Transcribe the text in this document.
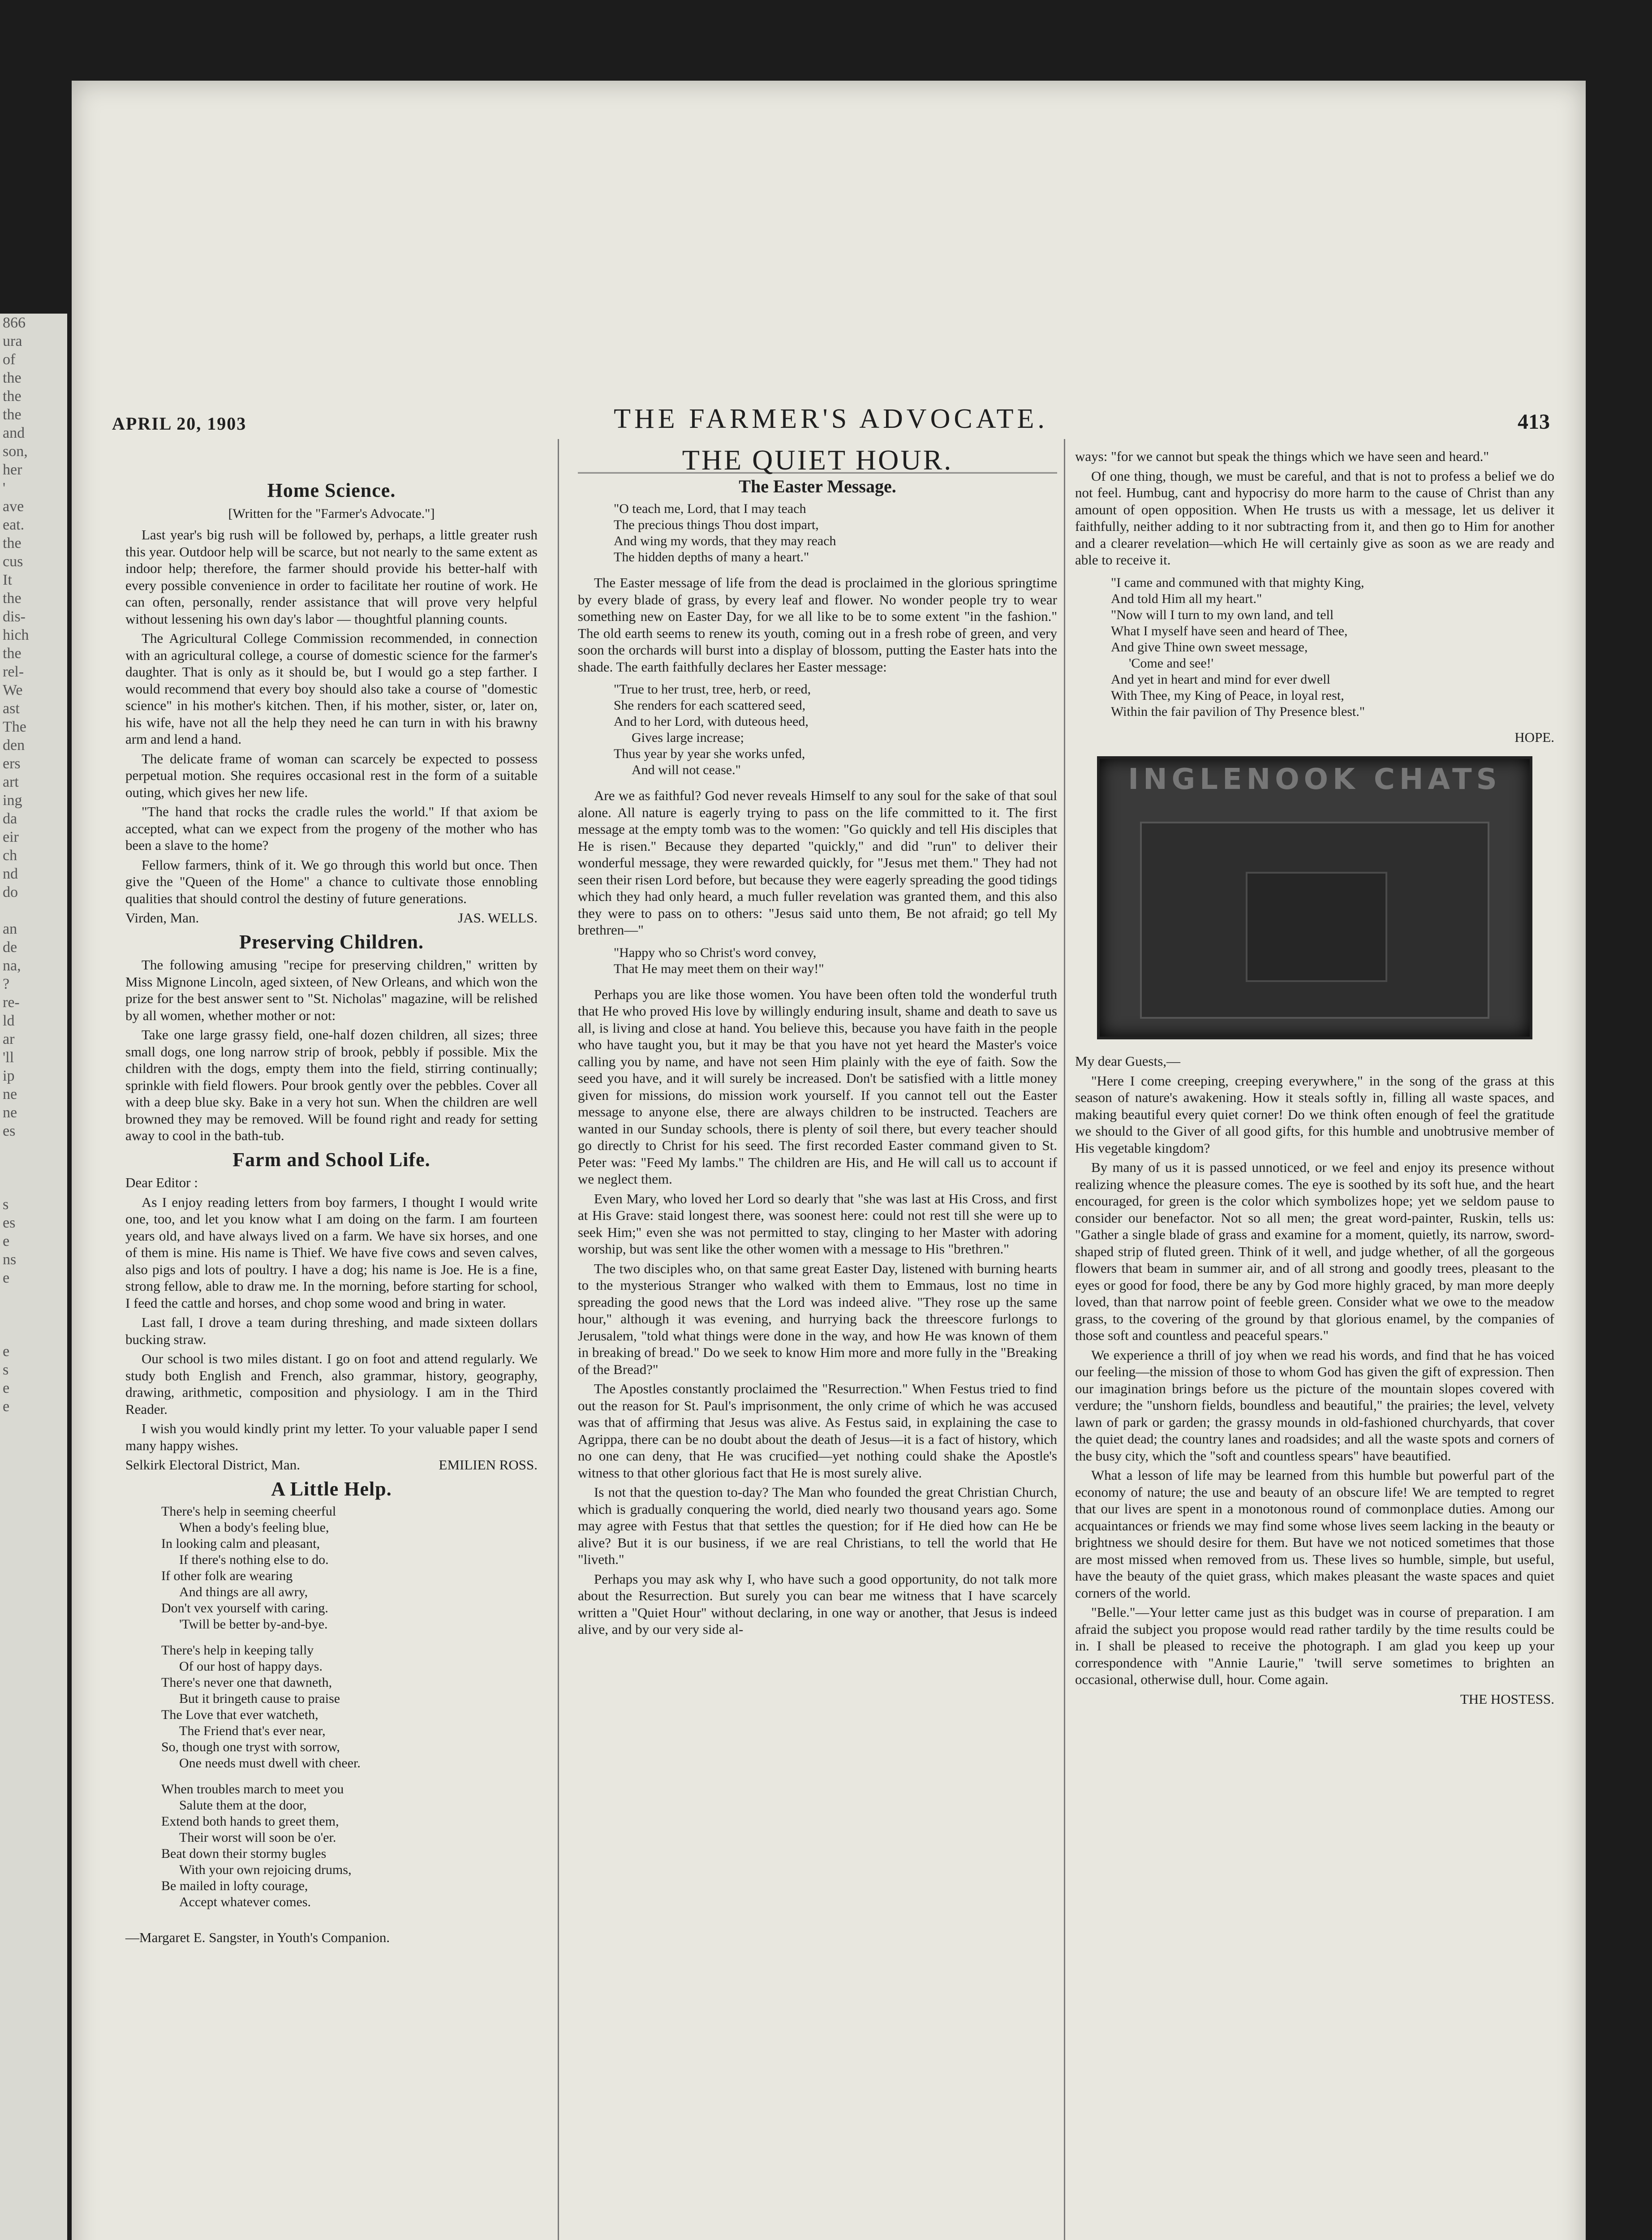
866
ura
of
the
the
the
and
son,
her
'
ave
eat.
the
cus
It
the
dis-
hich
the
rel-
We
ast
The
den
ers
art
ing
da
eir
ch
nd
do

an
de
na,
?
re-
ld
ar
'll
ip
ne
ne
es

s
es
e
ns
e

e
s
e
e
APRIL 20, 1903	THE FARMER'S ADVOCATE.	413
Home Science.
[Written for the "Farmer's Advocate."]

Last year's big rush will be followed by, perhaps, a little greater rush this year. Outdoor help will be scarce, but not nearly to the same extent as indoor help; therefore, the farmer should provide his better-half with every possible convenience in order to facilitate her routine of work. He can often, personally, render assistance that will prove very helpful without lessening his own day's labor — thoughtful planning counts.

The Agricultural College Commission recommended, in connection with an agricultural college, a course of domestic science for the farmer's daughter. That is only as it should be, but I would go a step farther. I would recommend that every boy should also take a course of "domestic science" in his mother's kitchen. Then, if his mother, sister, or, later on, his wife, have not all the help they need he can turn in with his brawny arm and lend a hand.

The delicate frame of woman can scarcely be expected to possess perpetual motion. She requires occasional rest in the form of a suitable outing, which gives her new life.

"The hand that rocks the cradle rules the world." If that axiom be accepted, what can we expect from the progeny of the mother who has been a slave to the home?

Fellow farmers, think of it. We go through this world but once. Then give the "Queen of the Home" a chance to cultivate those ennobling qualities that should control the destiny of future generations.

Virden, Man.	JAS. WELLS.

Preserving Children.

The following amusing "recipe for preserving children," written by Miss Mignone Lincoln, aged sixteen, of New Orleans, and which won the prize for the best answer sent to "St. Nicholas" magazine, will be relished by all women, whether mother or not:

Take one large grassy field, one-half dozen children, all sizes; three small dogs, one long narrow strip of brook, pebbly if possible. Mix the children with the dogs, empty them into the field, stirring continually; sprinkle with field flowers. Pour brook gently over the pebbles. Cover all with a deep blue sky. Bake in a very hot sun. When the children are well browned they may be removed. Will be found right and ready for setting away to cool in the bath-tub.

Farm and School Life.

Dear Editor :

As I enjoy reading letters from boy farmers, I thought I would write one, too, and let you know what I am doing on the farm. I am fourteen years old, and have always lived on a farm. We have six horses, and one of them is mine. His name is Thief. We have five cows and seven calves, also pigs and lots of poultry. I have a dog; his name is Joe. He is a fine, strong fellow, able to draw me. In the morning, before starting for school, I feed the cattle and horses, and chop some wood and bring in water.

Last fall, I drove a team during threshing, and made sixteen dollars bucking straw.

Our school is two miles distant. I go on foot and attend regularly. We study both English and French, also grammar, history, geography, drawing, arithmetic, composition and physiology. I am in the Third Reader.

I wish you would kindly print my letter. To your valuable paper I send many happy wishes.

Selkirk Electoral District, Man.	EMILIEN ROSS.

A Little Help.
There's help in seeming cheerful
When a body's feeling blue,
In looking calm and pleasant,
If there's nothing else to do.
If other folk are wearing
And things are all awry,
Don't vex yourself with caring.
'Twill be better by-and-bye.
There's help in keeping tally
Of our host of happy days.
There's never one that dawneth,
But it bringeth cause to praise
The Love that ever watcheth,
The Friend that's ever near,
So, though one tryst with sorrow,
One needs must dwell with cheer.
When troubles march to meet you
Salute them at the door,
Extend both hands to greet them,
Their worst will soon be o'er.
Beat down their stormy bugles
With your own rejoicing drums,
Be mailed in lofty courage,
Accept whatever comes.

—Margaret E. Sangster, in Youth's Companion.

THE QUIET HOUR.
The Easter Message.
"O teach me, Lord, that I may teach
The precious things Thou dost impart,
And wing my words, that they may reach
The hidden depths of many a heart."

The Easter message of life from the dead is proclaimed in the glorious springtime by every blade of grass, by every leaf and flower. No wonder people try to wear something new on Easter Day, for we all like to be to some extent "in the fashion." The old earth seems to renew its youth, coming out in a fresh robe of green, and very soon the orchards will burst into a display of blossom, putting the Easter hats into the shade. The earth faithfully declares her Easter message:

"True to her trust, tree, herb, or reed,
She renders for each scattered seed,
And to her Lord, with duteous heed,
Gives large increase;
Thus year by year she works unfed,
And will not cease."

Are we as faithful? God never reveals Himself to any soul for the sake of that soul alone. All nature is eagerly trying to pass on the life committed to it. The first message at the empty tomb was to the women: "Go quickly and tell His disciples that He is risen." Because they departed "quickly," and did "run" to deliver their wonderful message, they were rewarded quickly, for "Jesus met them." They had not seen their risen Lord before, but because they were eagerly spreading the good tidings which they had only heard, a much fuller revelation was granted them, and this also they were to pass on to others: "Jesus said unto them, Be not afraid; go tell My brethren—"

"Happy who so Christ's word convey,
That He may meet them on their way!"

Perhaps you are like those women. You have been often told the wonderful truth that He who proved His love by willingly enduring insult, shame and death to save us all, is living and close at hand. You believe this, because you have faith in the people who have taught you, but it may be that you have not yet heard the Master's voice calling you by name, and have not seen Him plainly with the eye of faith. Sow the seed you have, and it will surely be increased. Don't be satisfied with a little money given for missions, do mission work yourself. If you cannot tell out the Easter message to anyone else, there are always children to be instructed. Teachers are wanted in our Sunday schools, there is plenty of soil there, but every teacher should go directly to Christ for his seed. The first recorded Easter command given to St. Peter was: "Feed My lambs." The children are His, and He will call us to account if we neglect them.

Even Mary, who loved her Lord so dearly that "she was last at His Cross, and first at His Grave: staid longest there, was soonest here: could not rest till she were up to seek Him;" even she was not permitted to stay, clinging to her Master with adoring worship, but was sent like the other women with a message to His "brethren."

The two disciples who, on that same great Easter Day, listened with burning hearts to the mysterious Stranger who walked with them to Emmaus, lost no time in spreading the good news that the Lord was indeed alive. "They rose up the same hour," although it was evening, and hurrying back the threescore furlongs to Jerusalem, "told what things were done in the way, and how He was known of them in breaking of bread." Do we seek to know Him more and more fully in the "Breaking of the Bread?"

The Apostles constantly proclaimed the "Resurrection." When Festus tried to find out the reason for St. Paul's imprisonment, the only crime of which he was accused was that of affirming that Jesus was alive. As Festus said, in explaining the case to Agrippa, there can be no doubt about the death of Jesus—it is a fact of history, which no one can deny, that He was crucified—yet nothing could shake the Apostle's witness to that other glorious fact that He is most surely alive.

Is not that the question to-day? The Man who founded the great Christian Church, which is gradually conquering the world, died nearly two thousand years ago. Some may agree with Festus that that settles the question; for if He died how can He be alive? But it is our business, if we are real Christians, to tell the world that He "liveth."

Perhaps you may ask why I, who have such a good opportunity, do not talk more about the Resurrection. But surely you can bear me witness that I have scarcely written a "Quiet Hour" without declaring, in one way or another, that Jesus is indeed alive, and by our very side al-

ways: "for we cannot but speak the things which we have seen and heard."

Of one thing, though, we must be careful, and that is not to profess a belief we do not feel. Humbug, cant and hypocrisy do more harm to the cause of Christ than any amount of open opposition. When He trusts us with a message, let us deliver it faithfully, neither adding to it nor subtracting from it, and then go to Him for another and a clearer revelation—which He will certainly give as soon as we are ready and able to receive it.

"I came and communed with that mighty King,
And told Him all my heart."
"Now will I turn to my own land, and tell
What I myself have seen and heard of Thee,
And give Thine own sweet message,
'Come and see!'
And yet in heart and mind for ever dwell
With Thee, my King of Peace, in loyal rest,
Within the fair pavilion of Thy Presence blest."

HOPE.

INGLENOOK CHATS

My dear Guests,—

"Here I come creeping, creeping everywhere," in the song of the grass at this season of nature's awakening. How it steals softly in, filling all waste spaces, and making beautiful every quiet corner! Do we think often enough of feel the gratitude we should to the Giver of all good gifts, for this humble and unobtrusive member of His vegetable kingdom?

By many of us it is passed unnoticed, or we feel and enjoy its presence without realizing whence the pleasure comes. The eye is soothed by its soft hue, and the heart encouraged, for green is the color which symbolizes hope; yet we seldom pause to consider our benefactor. Not so all men; the great word-painter, Ruskin, tells us: "Gather a single blade of grass and examine for a moment, quietly, its narrow, sword-shaped strip of fluted green. Think of it well, and judge whether, of all the gorgeous flowers that beam in summer air, and of all strong and goodly trees, pleasant to the eyes or good for food, there be any by God more highly graced, by man more deeply loved, than that narrow point of feeble green. Consider what we owe to the meadow grass, to the covering of the ground by that glorious enamel, by the companies of those soft and countless and peaceful spears."

We experience a thrill of joy when we read his words, and find that he has voiced our feeling—the mission of those to whom God has given the gift of expression. Then our imagination brings before us the picture of the mountain slopes covered with verdure; the "unshorn fields, boundless and beautiful," the prairies; the level, velvety lawn of park or garden; the grassy mounds in old-fashioned churchyards, that cover the quiet dead; the country lanes and roadsides; and all the waste spots and corners of the busy city, which the "soft and countless spears" have beautified.

What a lesson of life may be learned from this humble but powerful part of the economy of nature; the use and beauty of an obscure life! We are tempted to regret that our lives are spent in a monotonous round of commonplace duties. Among our acquaintances or friends we may find some whose lives seem lacking in the beauty or brightness we should desire for them. But have we not noticed sometimes that those are most missed when removed from us. These lives so humble, simple, but useful, have the beauty of the quiet grass, which makes pleasant the waste spaces and quiet corners of the world.

"Belle."—Your letter came just as this budget was in course of preparation. I am afraid the subject you propose would read rather tardily by the time results could be in. I shall be pleased to receive the photograph. I am glad you keep up your correspondence with "Annie Laurie," 'twill serve sometimes to brighten an occasional, otherwise dull, hour. Come again.

THE HOSTESS.
